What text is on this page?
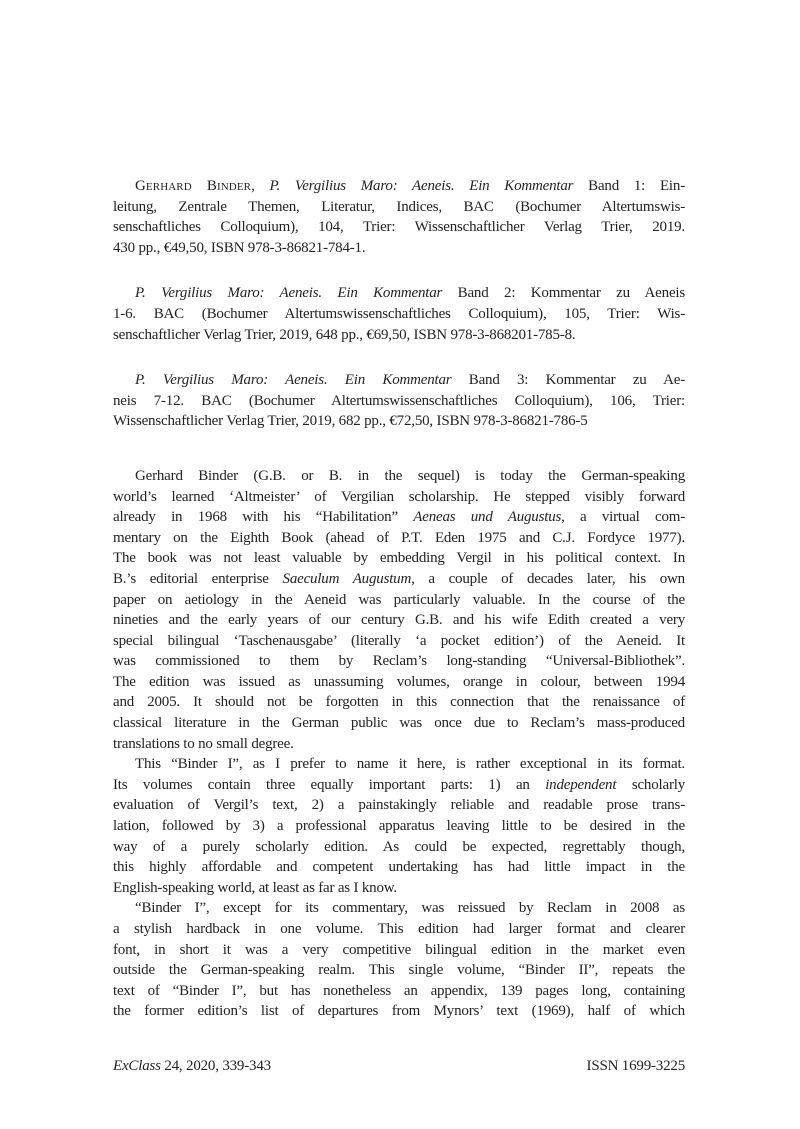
Gerhard Binder, P. Vergilius Maro: Aeneis. Ein Kommentar Band 1: Ein-
leitung, Zentrale Themen, Literatur, Indices, BAC (Bochumer Altertumswis-
senschaftliches Colloquium), 104, Trier: Wissenschaftlicher Verlag Trier, 2019.
430 pp., €49,50, ISBN 978-3-86821-784-1.

P. Vergilius Maro: Aeneis. Ein Kommentar Band 2: Kommentar zu Aeneis
1-6. BAC (Bochumer Altertumswissenschaftliches Colloquium), 105, Trier: Wis-
senschaftlicher Verlag Trier, 2019, 648 pp., €69,50, ISBN 978-3-868201-785-8.

P. Vergilius Maro: Aeneis. Ein Kommentar Band 3: Kommentar zu Ae-
neis 7-12. BAC (Bochumer Altertumswissenschaftliches Colloquium), 106, Trier:
Wissenschaftlicher Verlag Trier, 2019, 682 pp., €72,50, ISBN 978-3-86821-786-5

Gerhard Binder (G.B. or B. in the sequel) is today the German-speaking
world’s learned ‘Altmeister’ of Vergilian scholarship. He stepped visibly forward
already in 1968 with his “Habilitation” Aeneas und Augustus, a virtual com-
mentary on the Eighth Book (ahead of P.T. Eden 1975 and C.J. Fordyce 1977).
The book was not least valuable by embedding Vergil in his political context. In
B.’s editorial enterprise Saeculum Augustum, a couple of decades later, his own
paper on aetiology in the Aeneid was particularly valuable. In the course of the
nineties and the early years of our century G.B. and his wife Edith created a very
special bilingual ‘Taschenausgabe’ (literally ‘a pocket edition’) of the Aeneid. It
was commissioned to them by Reclam’s long-standing “Universal-Bibliothek”.
The edition was issued as unassuming volumes, orange in colour, between 1994
and 2005. It should not be forgotten in this connection that the renaissance of
classical literature in the German public was once due to Reclam’s mass-produced
translations to no small degree.

This “Binder I”, as I prefer to name it here, is rather exceptional in its format.
Its volumes contain three equally important parts: 1) an independent scholarly
evaluation of Vergil’s text, 2) a painstakingly reliable and readable prose trans-
lation, followed by 3) a professional apparatus leaving little to be desired in the
way of a purely scholarly edition. As could be expected, regrettably though,
this highly affordable and competent undertaking has had little impact in the
English-speaking world, at least as far as I know.

“Binder I”, except for its commentary, was reissued by Reclam in 2008 as
a stylish hardback in one volume. This edition had larger format and clearer
font, in short it was a very competitive bilingual edition in the market even
outside the German-speaking realm. This single volume, “Binder II”, repeats the
text of “Binder I”, but has nonetheless an appendix, 139 pages long, containing
the former edition’s list of departures from Mynors’ text (1969), half of which

ExClass 24, 2020, 339-343	ISSN 1699-3225
